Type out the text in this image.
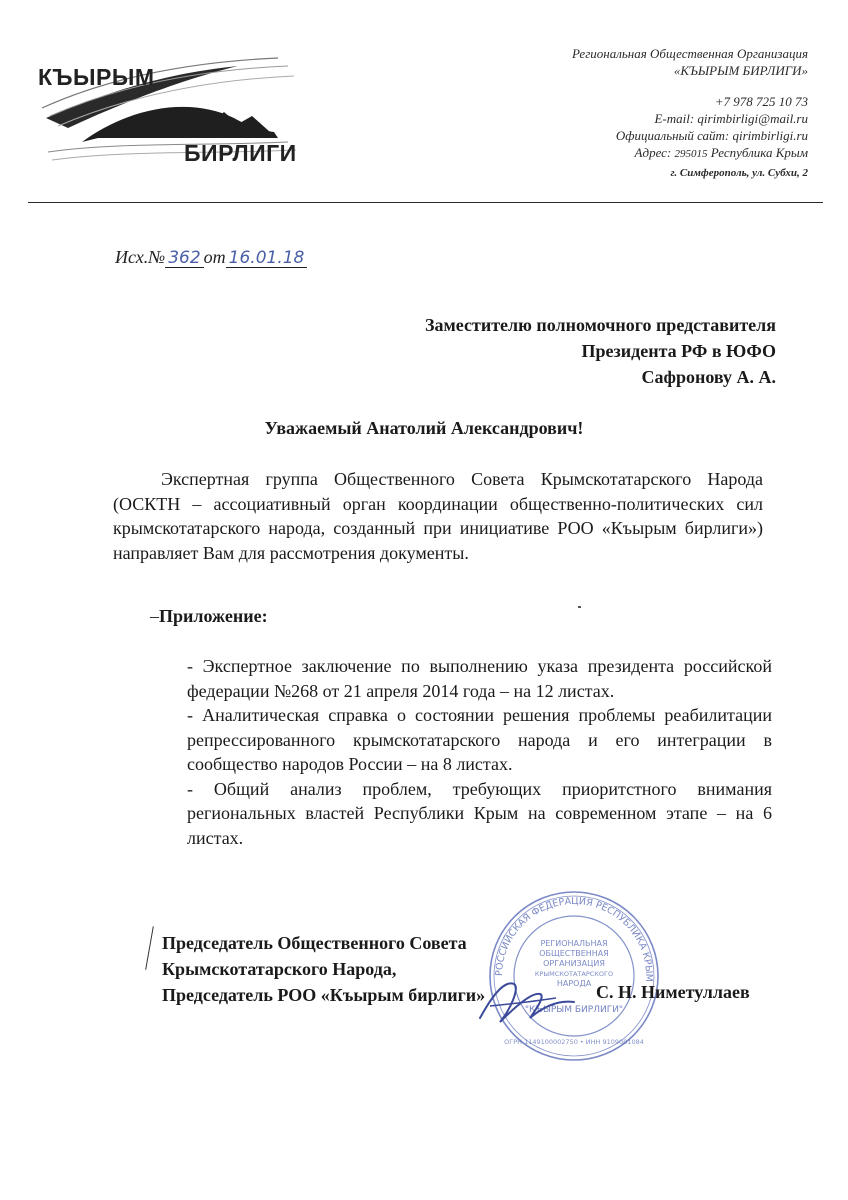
КЪЫРЫМ
БИРЛИГИ
Региональная Общественная Организация
«КЪЫРЫМ БИРЛИГИ»
+7 978 725 10 73
E-mail: qirimbirligi@mail.ru
Официальный сайт: qirimbirligi.ru
Адрес: 295015 Республика Крым
г. Симферополь, ул. Субхи, 2
Исх.№ 362 от 16.01.18
Заместителю полномочного представителя
Президента РФ в ЮФО
Сафронову А. А.
Уважаемый Анатолий Александрович!
Экспертная группа Общественного Совета Крымскотатарского Народа (ОСКТН – ассоциативный орган координации общественно-политических сил крымскотатарского народа, созданный при инициативе РОО «Къырым бирлиги») направляет Вам для рассмотрения документы.
–Приложение:

- Экспертное заключение по выполнению указа президента российской федерации №268 от 21 апреля 2014 года – на 12 листах.

- Аналитическая справка о состоянии решения проблемы реабилитации репрессированного крымскотатарского народа и его интеграции в сообщество народов России – на 8 листах.

- Общий анализ проблем, требующих приоритстного внимания региональных властей Республики Крым на современном этапе – на 6 листах.

РОССИЙСКАЯ ФЕДЕРАЦИЯ РЕСПУБЛИКА КРЫМ
РЕГИОНАЛЬНАЯ
ОБЩЕСТВЕННАЯ
ОРГАНИЗАЦИЯ
КРЫМСКОТАТАРСКОГО
НАРОДА
"КЪЫРЫМ БИРЛИГИ"
ОГРН 1149100002750 • ИНН 9109001084
Председатель Общественного Совета
Крымскотатарского Народа,
Председатель РОО «Къырым бирлиги»	С. Н. Ниметуллаев
